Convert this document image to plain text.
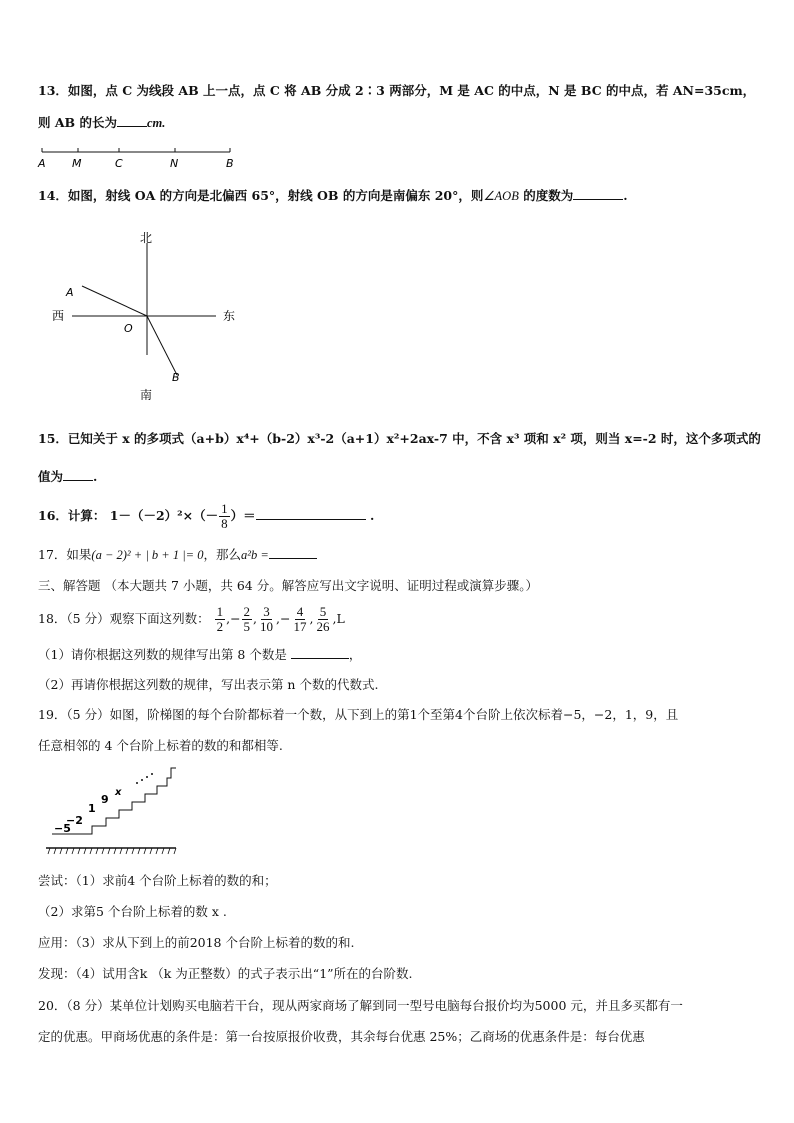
13．如图，点 C 为线段 AB 上一点，点 C 将 AB 分成 2∶3 两部分，M 是 AC 的中点，N 是 BC 的中点，若 AN=35cm，
则 AB 的长为 cm.
A M	C	N	B
14．如图，射线 OA 的方向是北偏西 65°，射线 OB 的方向是南偏东 20°，则∠AOB 的度数为	.
北
南
西	东
O
A
B
15．已知关于 x 的多项式（a+b）x⁴+（b-2）x³-2（a+1）x²+2ax-7 中，不含 x³ 项和 x² 项，则当 x=-2 时，这个多项式的
值为 .
16．计算： $1-(-2)^2\times(- \frac{1}{8}$ ）＝	.
17．如果(a − 2)² + | b + 1 |= 0，那么a²b =
三、解答题 （本大题共 7 小题，共 64 分。解答应写出文字说明、证明过程或演算步骤。）
18．（5 分）观察下面这列数： $\frac{1}{2}$ ,− $\frac{2}{5}$ , $\frac{3}{10}$ ,− $\frac{4}{17}$ , $\frac{5}{26} ,L$
（1）请你根据这列数的规律写出第 8 个数是	，
（2）再请你根据这列数的规律，写出表示第 n 个数的代数式.
19．（5 分）如图，阶梯图的每个台阶都标着一个数，从下到上的第1个至第4个台阶上依次标着−5，−2，1，9，且
任意相邻的 4 个台阶上标着的数的和都相等.
−5
−2
1
9
x
尝试：（1）求前4 个台阶上标着的数的和；
（2）求第5 个台阶上标着的数 x .
应用：（3）求从下到上的前2018 个台阶上标着的数的和.
发现：（4）试用含k （k 为正整数）的式子表示出“1”所在的台阶数.
20．（8 分）某单位计划购买电脑若干台，现从两家商场了解到同一型号电脑每台报价均为5000 元，并且多买都有一
定的优惠。甲商场优惠的条件是：第一台按原报价收费，其余每台优惠 25%；乙商场的优惠条件是：每台优惠
